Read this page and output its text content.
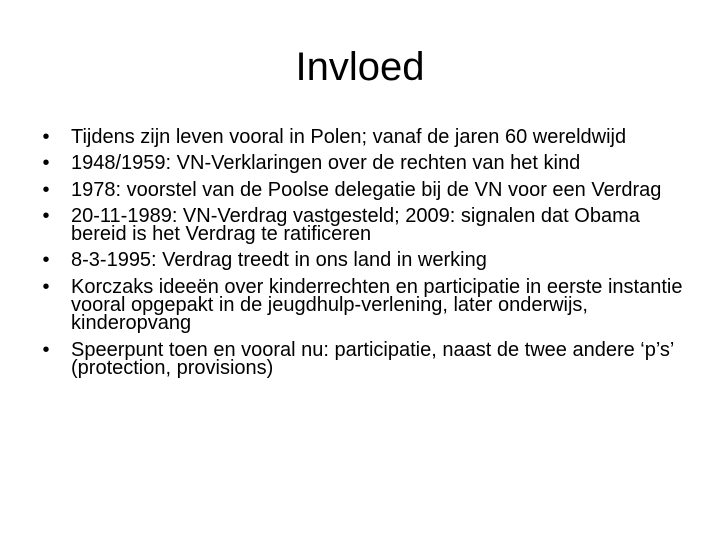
Invloed
•	Tijdens zijn leven vooral in Polen; vanaf de jaren 60 wereldwijd
•	1948/1959: VN-Verklaringen over de rechten van het kind
•	1978: voorstel van de Poolse delegatie bij de VN voor een Verdrag
•	20-11-1989: VN-Verdrag vastgesteld; 2009: signalen dat Obama bereid is het Verdrag te ratificeren
•	8-3-1995: Verdrag treedt in ons land in werking
•	Korczaks ideeën over kinderrechten en participatie in eerste instantie vooral opgepakt in de jeugdhulp-verlening, later onderwijs, kinderopvang
•	Speerpunt toen en vooral nu: participatie, naast de twee andere ‘p’s’ (protection, provisions)
